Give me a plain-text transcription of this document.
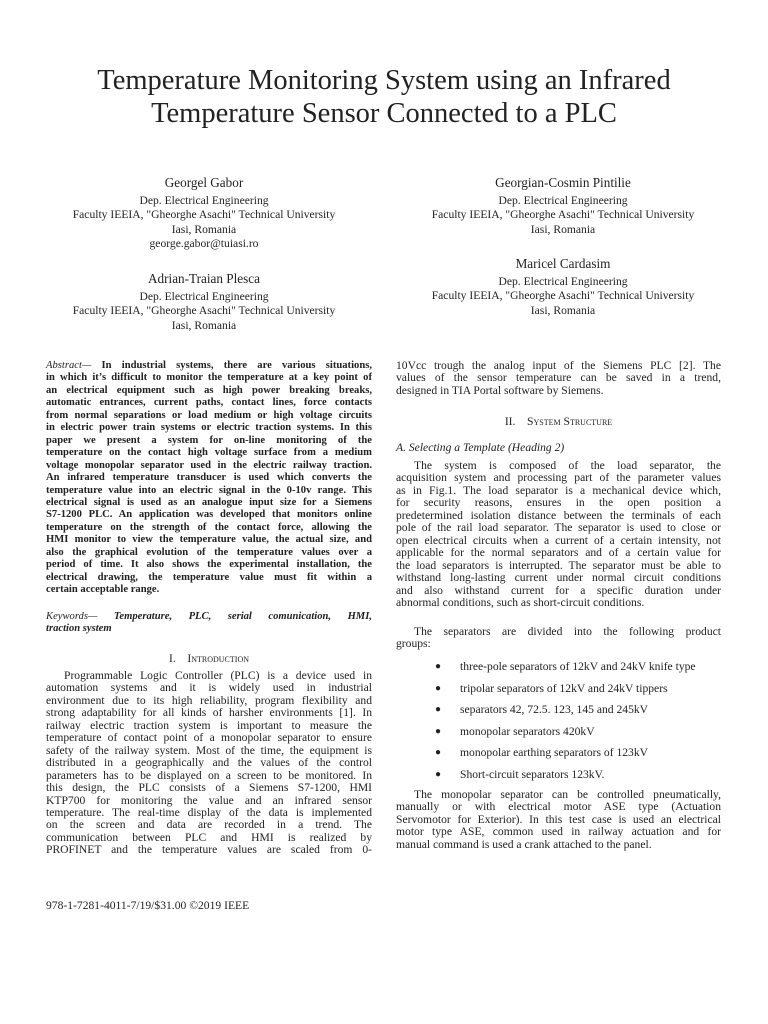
Temperature Monitoring System using an Infrared
Temperature Sensor Connected to a PLC
Georgel Gabor
Dep. Electrical Engineering
Faculty IEEIA, "Gheorghe Asachi" Technical University
Iasi, Romania
george.gabor@tuiasi.ro
Georgian-Cosmin Pintilie
Dep. Electrical Engineering
Faculty IEEIA, "Gheorghe Asachi" Technical University
Iasi, Romania
Adrian-Traian Plesca
Dep. Electrical Engineering
Faculty IEEIA, "Gheorghe Asachi" Technical University
Iasi, Romania
Maricel Cardasim
Dep. Electrical Engineering
Faculty IEEIA, "Gheorghe Asachi" Technical University
Iasi, Romania
Abstract— In industrial systems, there are various situations,
in which it’s difficult to monitor the temperature at a key point of
an electrical equipment such as high power breaking breaks,
automatic entrances, current paths, contact lines, force contacts
from normal separations or load medium or high voltage circuits
in electric power train systems or electric traction systems. In this
paper we present a system for on-line monitoring of the
temperature on the contact high voltage surface from a medium
voltage monopolar separator used in the electric railway traction.
An infrared temperature transducer is used which converts the
temperature value into an electric signal in the 0-10v range. This
electrical signal is used as an analogue input size for a Siemens
S7-1200 PLC. An application was developed that monitors online
temperature on the strength of the contact force, allowing the
HMI monitor to view the temperature value, the actual size, and
also the graphical evolution of the temperature values over a
period of time. It also shows the experimental installation, the
electrical drawing, the temperature value must fit within a
certain acceptable range.
Keywords— Temperature, PLC, serial comunication, HMI,
traction system
I. Introduction
Programmable Logic Controller (PLC) is a device used in
automation systems and it is widely used in industrial
environment due to its high reliability, program flexibility and
strong adaptability for all kinds of harsher environments [1]. In
railway electric traction system is important to measure the
temperature of contact point of a monopolar separator to ensure
safety of the railway system. Most of the time, the equipment is
distributed in a geographically and the values of the control
parameters has to be displayed on a screen to be monitored. In
this design, the PLC consists of a Siemens S7-1200, HMI
KTP700 for monitoring the value and an infrared sensor
temperature. The real-time display of the data is implemented
on the screen and data are recorded in a trend. The
communication between PLC and HMI is realized by
PROFINET and the temperature values are scaled from 0-
10Vcc trough the analog input of the Siemens PLC [2]. The
values of the sensor temperature can be saved in a trend,
designed in TIA Portal software by Siemens.
II. System Structure
A. Selecting a Template (Heading 2)
The system is composed of the load separator, the
acquisition system and processing part of the parameter values
as in Fig.1. The load separator is a mechanical device which,
for security reasons, ensures in the open position a
predetermined isolation distance between the terminals of each
pole of the rail load separator. The separator is used to close or
open electrical circuits when a current of a certain intensity, not
applicable for the normal separators and of a certain value for
the load separators is interrupted. The separator must be able to
withstand long-lasting current under normal circuit conditions
and also withstand current for a specific duration under
abnormal conditions, such as short-circuit conditions.
The separators are divided into the following product
groups:
● three-pole separators of 12kV and 24kV knife type
● tripolar separators of 12kV and 24kV tippers
● separators 42, 72.5. 123, 145 and 245kV
● monopolar separators 420kV
● monopolar earthing separators of 123kV
● Short-circuit separators 123kV.
The monopolar separator can be controlled pneumatically,
manually or with electrical motor ASE type (Actuation
Servomotor for Exterior). In this test case is used an electrical
motor type ASE, common used in railway actuation and for
manual command is used a crank attached to the panel.
978-1-7281-4011-7/19/$31.00 ©2019 IEEE
